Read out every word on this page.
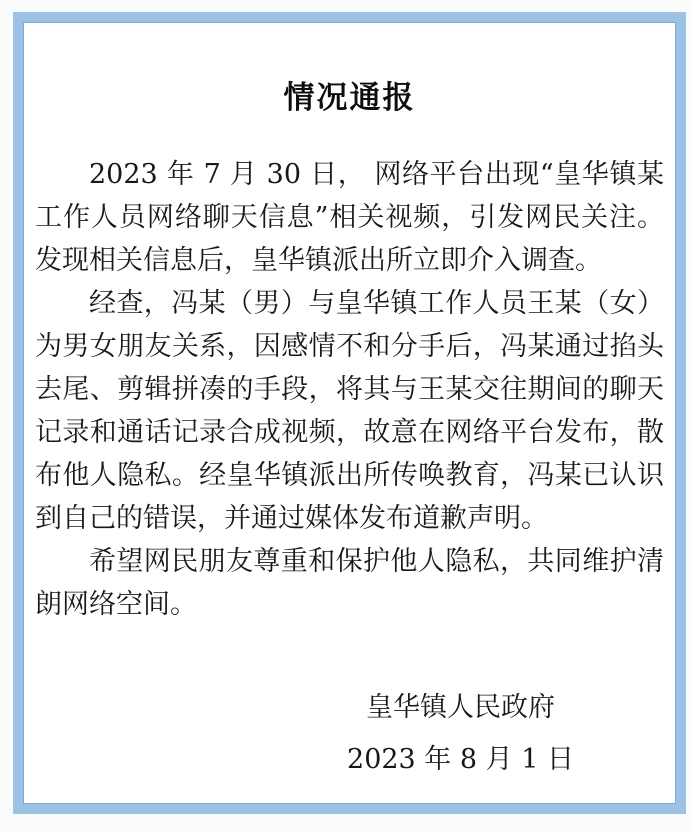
情况通报

2023 年 7 月 30 日， 网络平台出现“皇华镇某工作人员网络聊天信息”相关视频，引发网民关注。发现相关信息后，皇华镇派出所立即介入调查。

经查，冯某（男）与皇华镇工作人员王某（女）为男女朋友关系，因感情不和分手后，冯某通过掐头去尾、剪辑拼凑的手段，将其与王某交往期间的聊天记录和通话记录合成视频，故意在网络平台发布，散布他人隐私。经皇华镇派出所传唤教育，冯某已认识到自己的错误，并通过媒体发布道歉声明。

希望网民朋友尊重和保护他人隐私，共同维护清朗网络空间。

皇华镇人民政府
2023 年 8 月 1 日
